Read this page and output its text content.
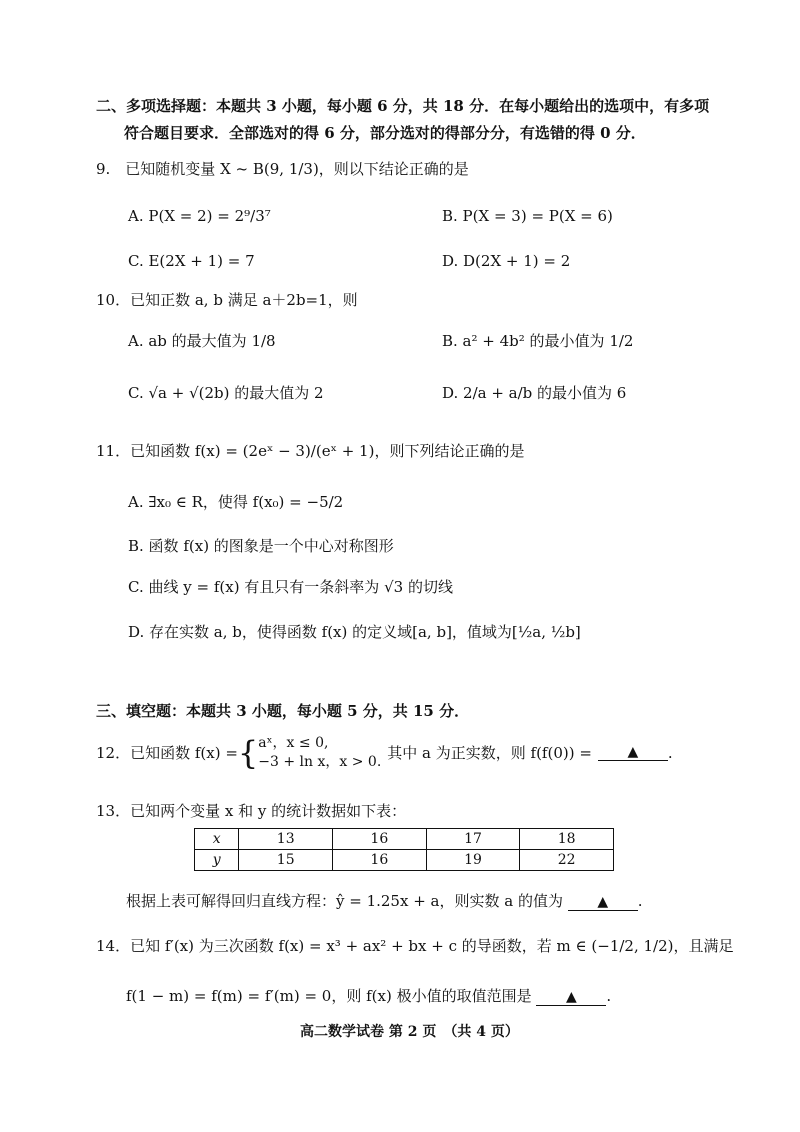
二、多项选择题：本题共 3 小题，每小题 6 分，共 18 分．在每小题给出的选项中，有多项
符合题目要求．全部选对的得 6 分，部分选对的得部分分，有选错的得 0 分．
9.　已知随机变量 X ~ B(9, 1/3)，则以下结论正确的是
A. P(X = 2) = 2⁹/3⁷	B. P(X = 3) = P(X = 6)
C. E(2X + 1) = 7	D. D(2X + 1) = 2
10．已知正数 a, b 满足 a＋2b=1，则
A. ab 的最大值为 1/8	B. a² + 4b² 的最小值为 1/2
C. √a + √(2b) 的最大值为 2	D. 2/a + a/b 的最小值为 6
11．已知函数 f(x) = (2eˣ − 3)/(eˣ + 1)，则下列结论正确的是
A. ∃x₀ ∈ R，使得 f(x₀) = −5/2
B. 函数 f(x) 的图象是一个中心对称图形
C. 曲线 y = f(x) 有且只有一条斜率为 √3 的切线
D. 存在实数 a, b，使得函数 f(x) 的定义域[a, b]，值域为[½a, ½b]
三、填空题：本题共 3 小题，每小题 5 分，共 15 分．
12．已知函数 f(x) = { aˣ，x ≤ 0,
−3 + ln x，x > 0. 其中 a 为正实数，则 f(f(0)) =	▲	.
13．已知两个变量 x 和 y 的统计数据如下表：
x	13	16	17	18
y	15	16	19	22
根据上表可解得回归直线方程：ŷ = 1.25x + a，则实数 a 的值为 ▲ .
14．已知 f′(x) 为三次函数 f(x) = x³ + ax² + bx + c 的导函数，若 m ∈ (−1/2, 1/2)，且满足
f(1 − m) = f(m) = f′(m) = 0，则 f(x) 极小值的取值范围是 ▲ .
高二数学试卷 第 2 页　（共 4 页）
